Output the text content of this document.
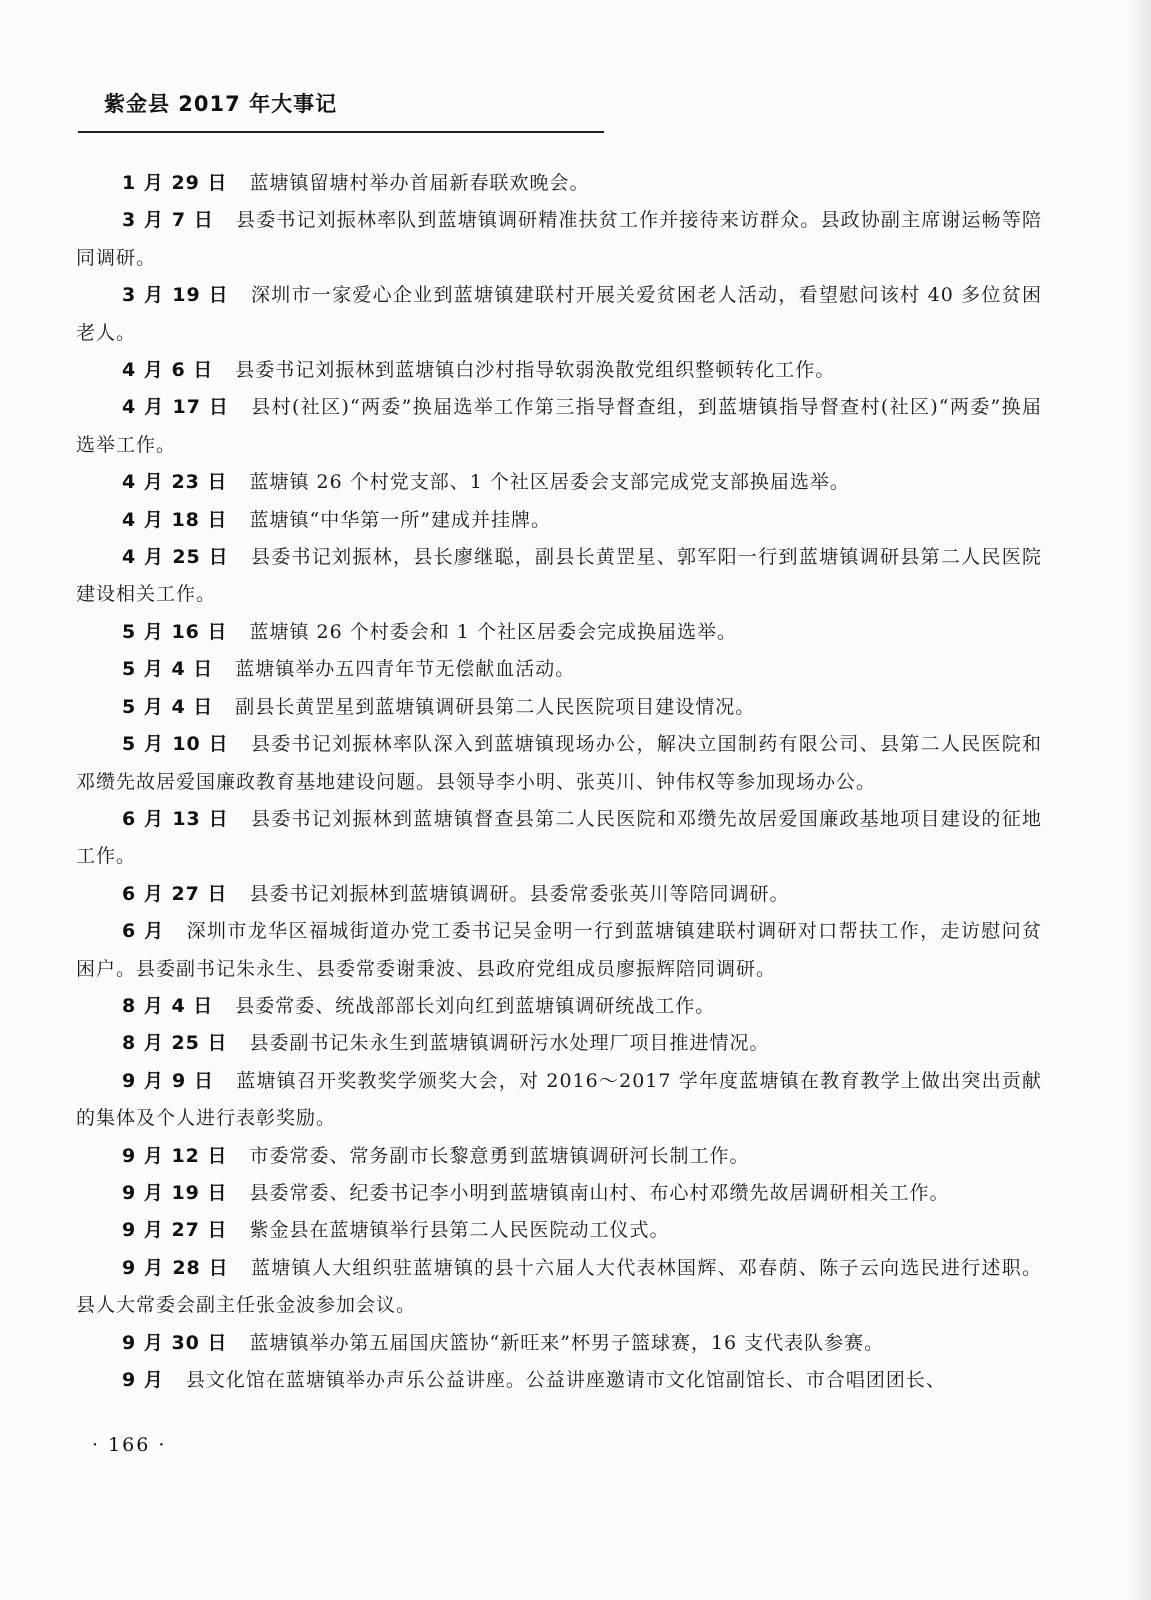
紫金县 2017 年大事记

1 月 29 日 蓝塘镇留塘村举办首届新春联欢晚会。

3 月 7 日 县委书记刘振林率队到蓝塘镇调研精准扶贫工作并接待来访群众。县政协副主席谢运畅等陪同调研。

3 月 19 日 深圳市一家爱心企业到蓝塘镇建联村开展关爱贫困老人活动，看望慰问该村 40 多位贫困老人。

4 月 6 日 县委书记刘振林到蓝塘镇白沙村指导软弱涣散党组织整顿转化工作。

4 月 17 日 县村(社区)“两委”换届选举工作第三指导督查组，到蓝塘镇指导督查村(社区)“两委”换届选举工作。

4 月 23 日 蓝塘镇 26 个村党支部、1 个社区居委会支部完成党支部换届选举。

4 月 18 日 蓝塘镇“中华第一所”建成并挂牌。

4 月 25 日 县委书记刘振林，县长廖继聪，副县长黄罡星、郭军阳一行到蓝塘镇调研县第二人民医院建设相关工作。

5 月 16 日 蓝塘镇 26 个村委会和 1 个社区居委会完成换届选举。

5 月 4 日 蓝塘镇举办五四青年节无偿献血活动。

5 月 4 日 副县长黄罡星到蓝塘镇调研县第二人民医院项目建设情况。

5 月 10 日 县委书记刘振林率队深入到蓝塘镇现场办公，解决立国制药有限公司、县第二人民医院和邓缵先故居爱国廉政教育基地建设问题。县领导李小明、张英川、钟伟权等参加现场办公。

6 月 13 日 县委书记刘振林到蓝塘镇督查县第二人民医院和邓缵先故居爱国廉政基地项目建设的征地工作。

6 月 27 日 县委书记刘振林到蓝塘镇调研。县委常委张英川等陪同调研。

6 月 深圳市龙华区福城街道办党工委书记吴金明一行到蓝塘镇建联村调研对口帮扶工作，走访慰问贫困户。县委副书记朱永生、县委常委谢秉波、县政府党组成员廖振辉陪同调研。

8 月 4 日 县委常委、统战部部长刘向红到蓝塘镇调研统战工作。

8 月 25 日 县委副书记朱永生到蓝塘镇调研污水处理厂项目推进情况。

9 月 9 日 蓝塘镇召开奖教奖学颁奖大会，对 2016～2017 学年度蓝塘镇在教育教学上做出突出贡献的集体及个人进行表彰奖励。

9 月 12 日 市委常委、常务副市长黎意勇到蓝塘镇调研河长制工作。

9 月 19 日 县委常委、纪委书记李小明到蓝塘镇南山村、布心村邓缵先故居调研相关工作。

9 月 27 日 紫金县在蓝塘镇举行县第二人民医院动工仪式。

9 月 28 日 蓝塘镇人大组织驻蓝塘镇的县十六届人大代表林国辉、邓春荫、陈子云向选民进行述职。县人大常委会副主任张金波参加会议。

9 月 30 日 蓝塘镇举办第五届国庆篮协“新旺来”杯男子篮球赛，16 支代表队参赛。

9 月 县文化馆在蓝塘镇举办声乐公益讲座。公益讲座邀请市文化馆副馆长、市合唱团团长、

· 166 ·
